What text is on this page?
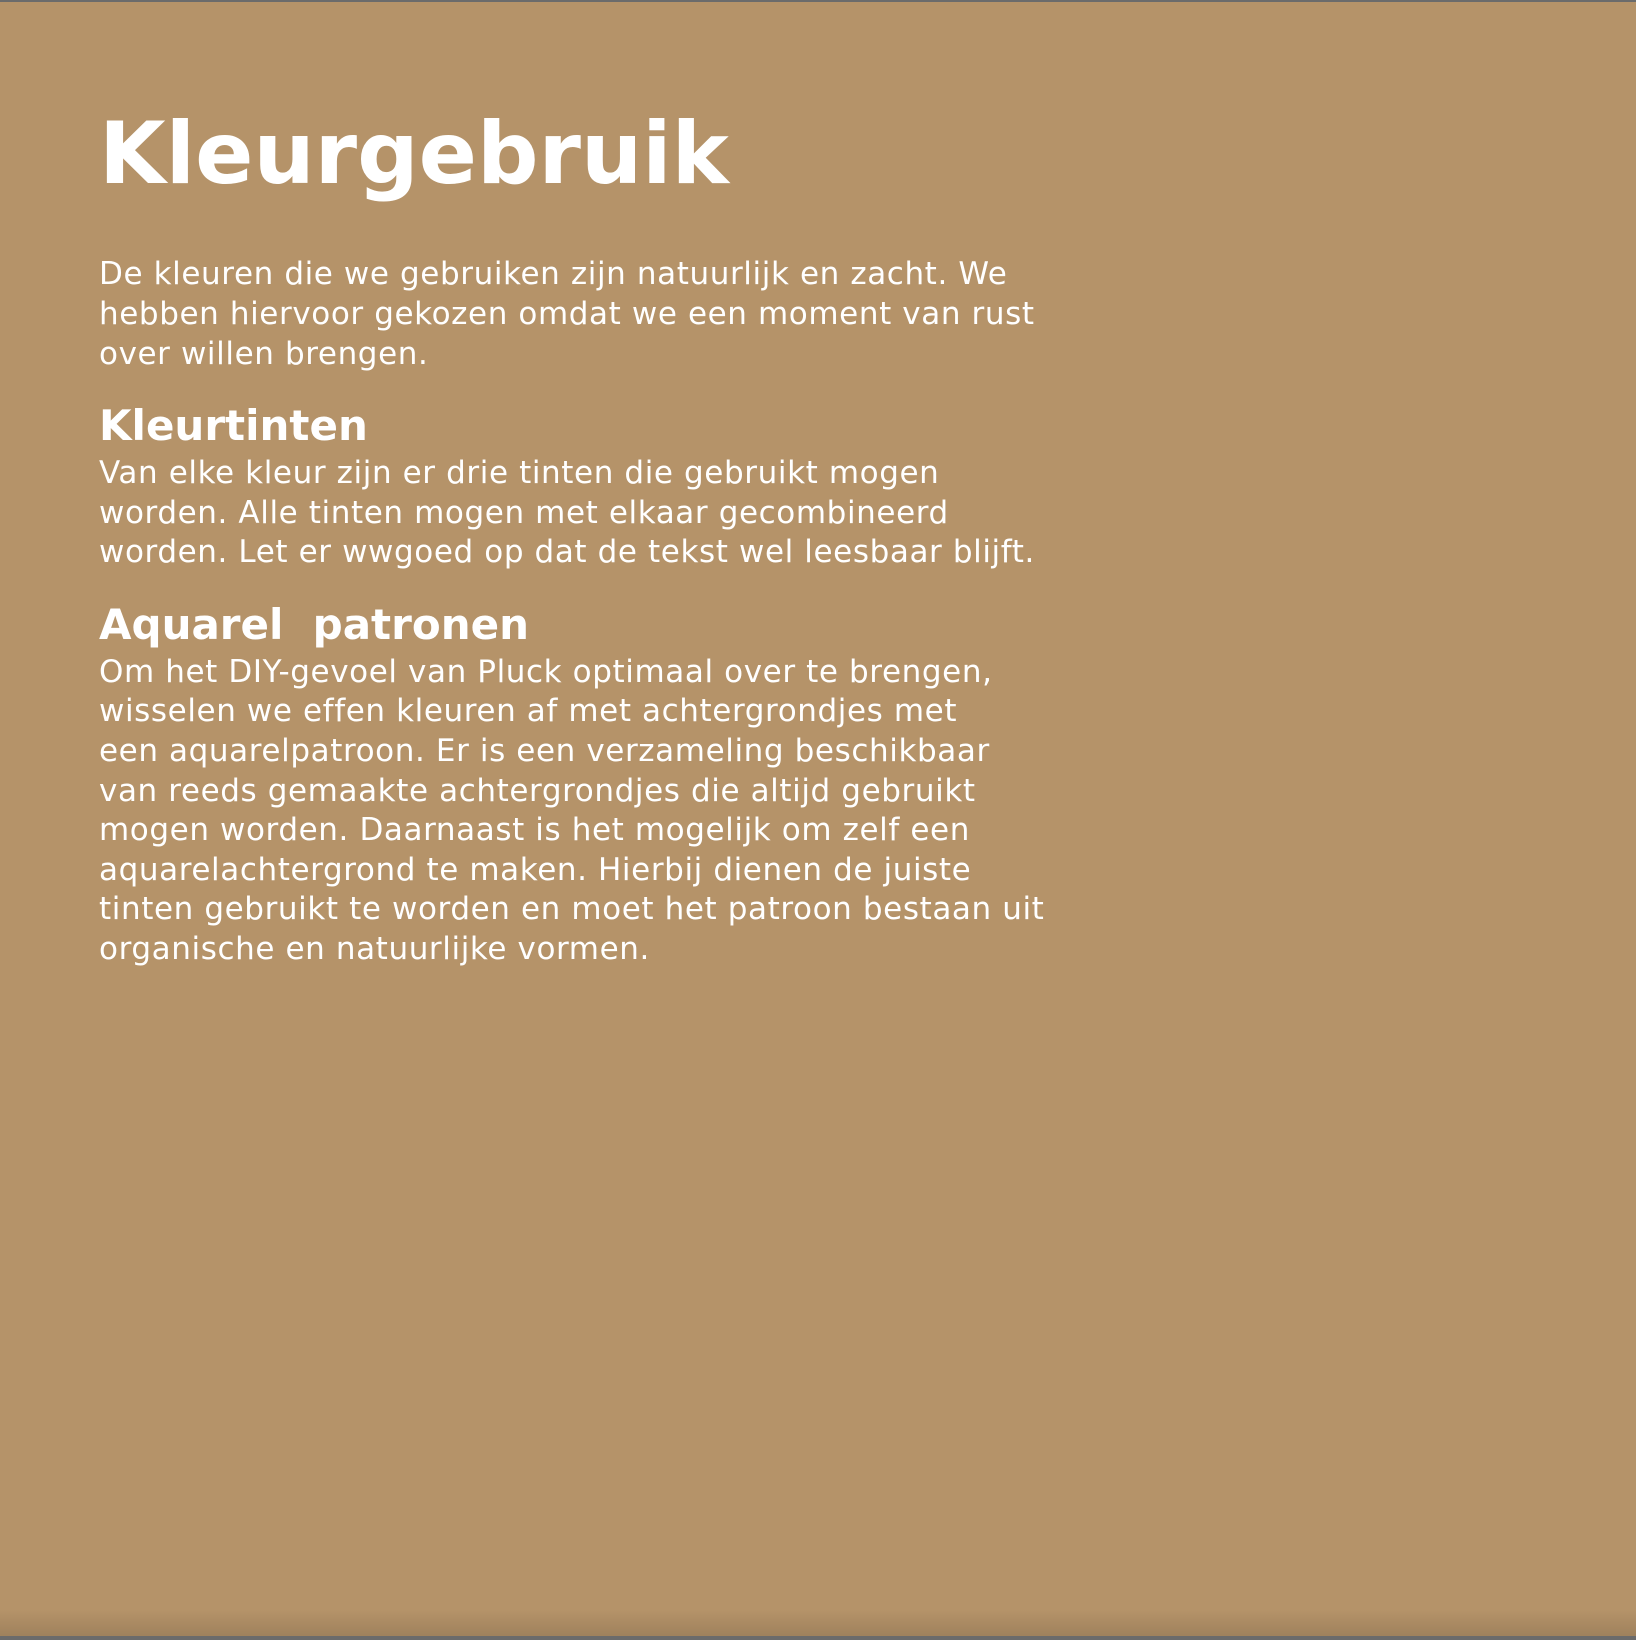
Kleurgebruik

De kleuren die we gebruiken zijn natuurlijk en zacht. We
hebben hiervoor gekozen omdat we een moment van rust
over willen brengen.

Kleurtinten

Van elke kleur zijn er drie tinten die gebruikt mogen
worden. Alle tinten mogen met elkaar gecombineerd
worden. Let er wwgoed op dat de tekst wel leesbaar blijft.

Aquarel  patronen

Om het DIY-gevoel van Pluck optimaal over te brengen,
wisselen we effen kleuren af met achtergrondjes met
een aquarelpatroon. Er is een verzameling beschikbaar
van reeds gemaakte achtergrondjes die altijd gebruikt
mogen worden. Daarnaast is het mogelijk om zelf een
aquarelachtergrond te maken. Hierbij dienen de juiste
tinten gebruikt te worden en moet het patroon bestaan uit
organische en natuurlijke vormen.
